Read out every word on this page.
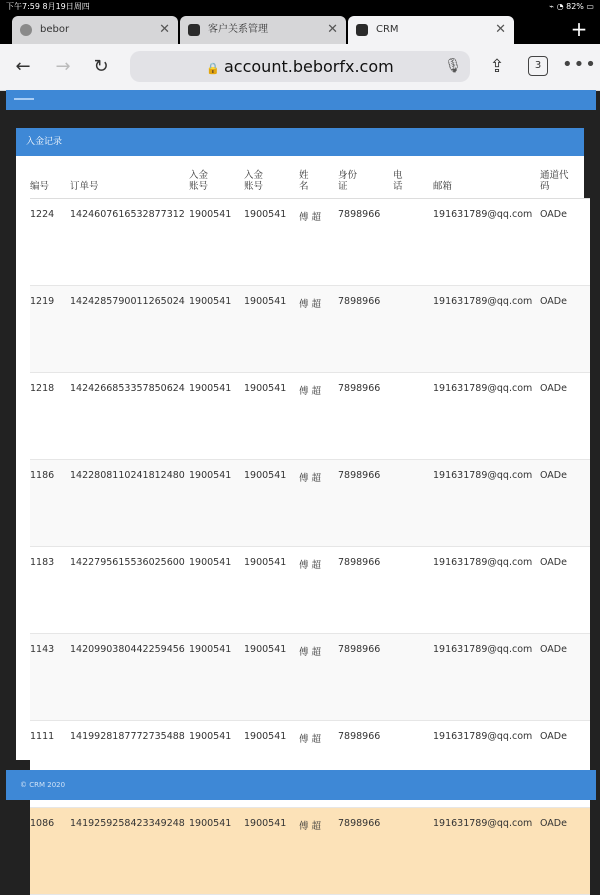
下午7:59 8月19日周四	⌁ ◔ 82% ▭
bebor	✕	客户关系管理	✕	CRM	✕	+
← → ↻	🔒 account.beborfx.com	🎙 ⇪	3	•••
入金记录
编号	订单号	入金账号	入金账号	姓名	身份证	电话	邮箱	通道代码

1224	1424607616532877312	1900541	1900541	傅 超	7898966		191631789@qq.com	OADe
1219	1424285790011265024	1900541	1900541	傅 超	7898966		191631789@qq.com	OADe
1218	1424266853357850624	1900541	1900541	傅 超	7898966		191631789@qq.com	OADe
1186	1422808110241812480	1900541	1900541	傅 超	7898966		191631789@qq.com	OADe
1183	1422795615536025600	1900541	1900541	傅 超	7898966		191631789@qq.com	OADe
1143	1420990380442259456	1900541	1900541	傅 超	7898966		191631789@qq.com	OADe
1111	1419928187772735488	1900541	1900541	傅 超	7898966		191631789@qq.com	OADe
1086	1419259258423349248	1900541	1900541	傅 超	7898966		191631789@qq.com	OADe
© CRM 2020
